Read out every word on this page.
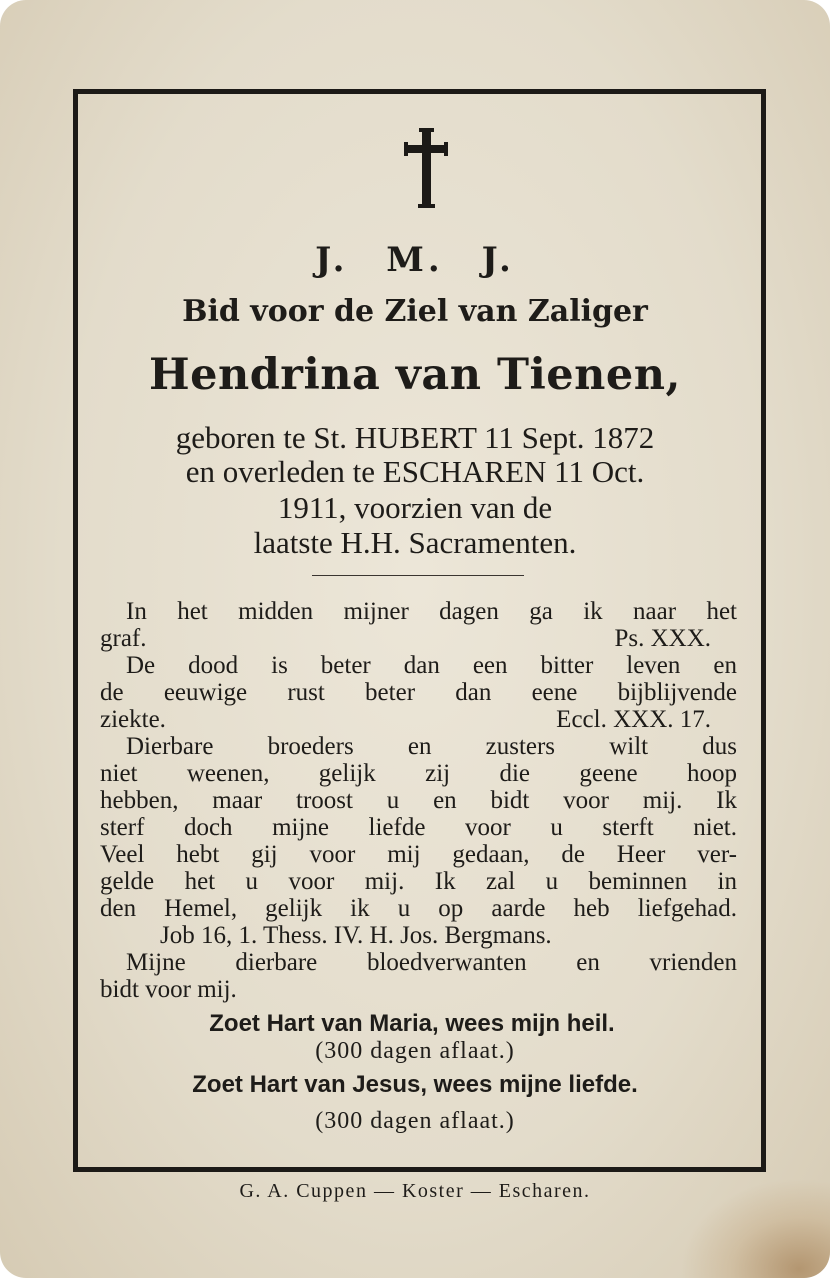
J. M. J.
Bid voor de Ziel van Zaliger
Hendrina van Tienen,
geboren te St. HUBERT 11 Sept. 1872
en overleden te ESCHAREN 11 Oct.
1911, voorzien van de
laatste H.H. Sacramenten.
In het midden mijner dagen ga ik naar het
graf.	Ps. XXX.
De dood is beter dan een bitter leven en
de eeuwige rust beter dan eene bijblijvende
ziekte.	Eccl. XXX. 17.
Dierbare broeders en zusters wilt dus
niet weenen, gelijk zij die geene hoop
hebben, maar troost u en bidt voor mij. Ik
sterf doch mijne liefde voor u sterft niet.
Veel hebt gij voor mij gedaan, de Heer ver-
gelde het u voor mij. Ik zal u beminnen in
den Hemel, gelijk ik u op aarde heb liefgehad.
Job 16, 1. Thess. IV. H. Jos. Bergmans.
Mijne dierbare bloedverwanten en vrienden
bidt voor mij.
Zoet Hart van Maria, wees mijn heil.
(300 dagen aflaat.)
Zoet Hart van Jesus, wees mijne liefde.
(300 dagen aflaat.)
G. A. Cuppen — Koster — Escharen.
